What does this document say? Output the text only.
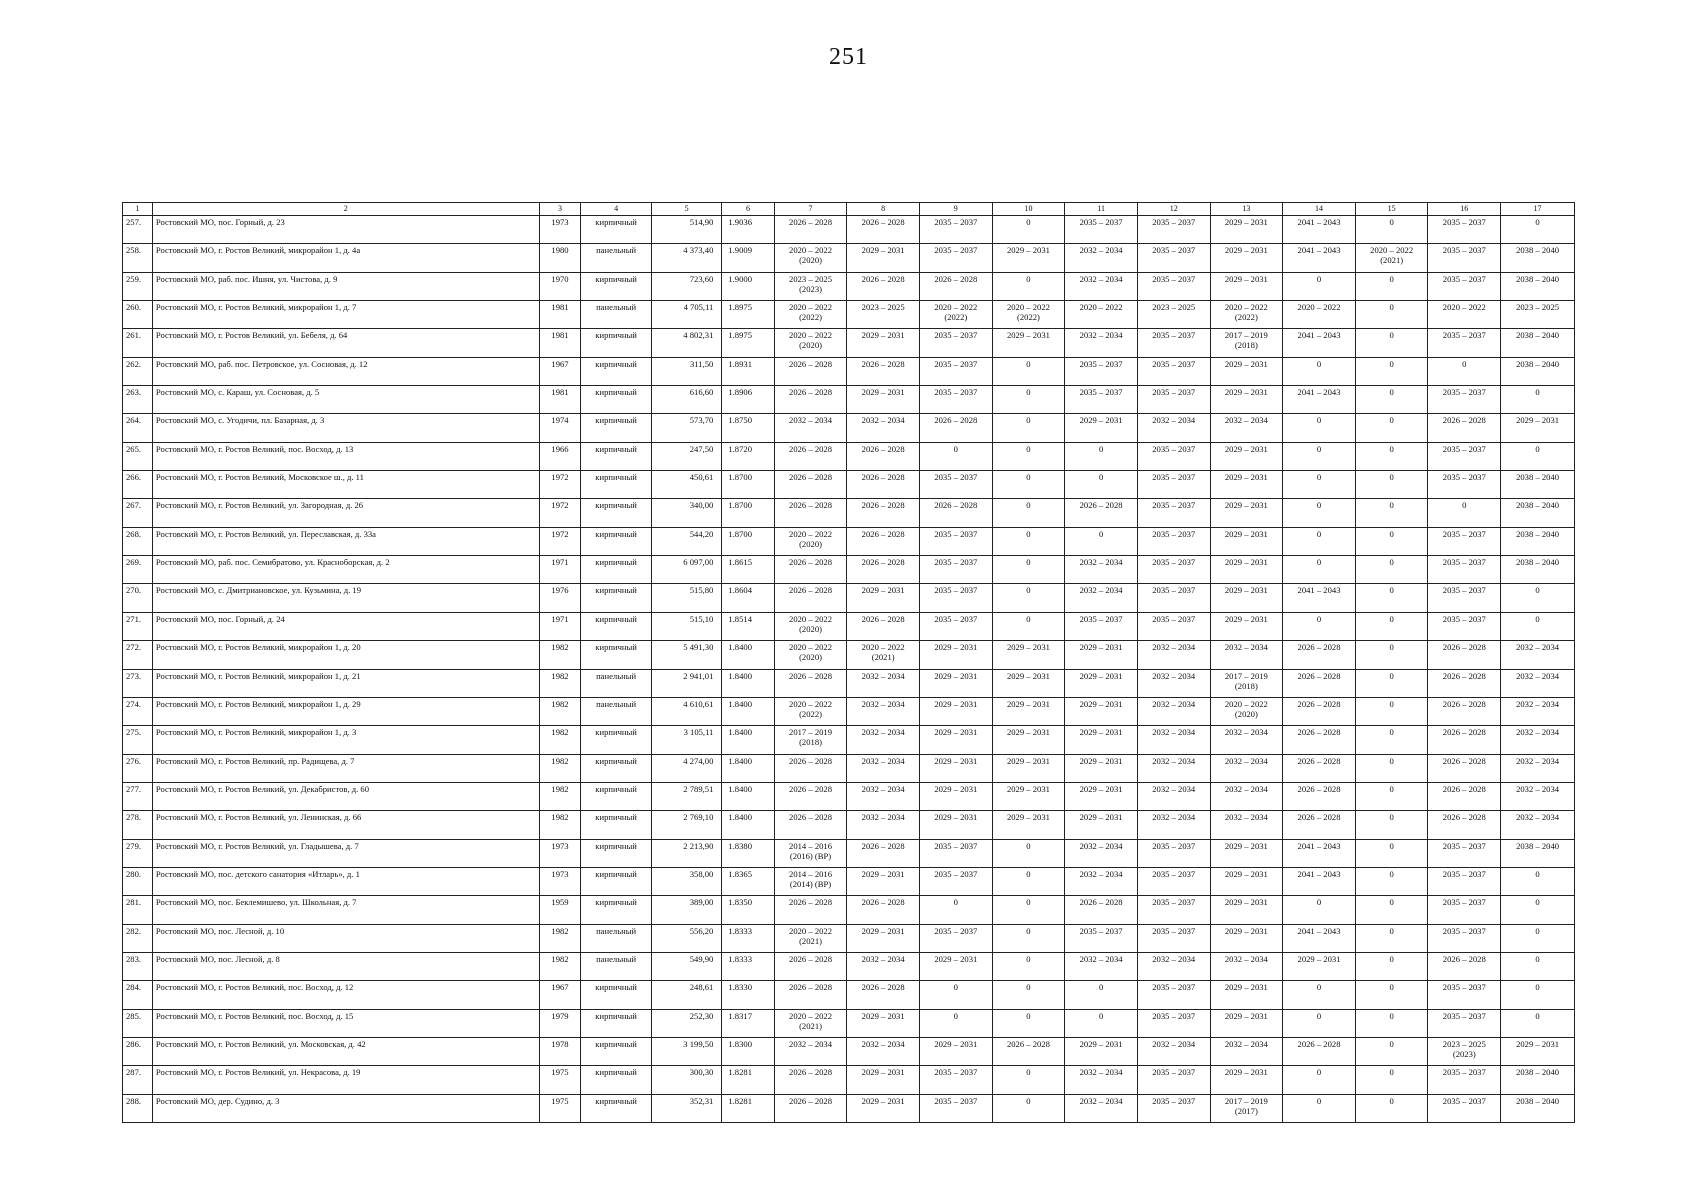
251
1	2	3	4	5	6	7	8	9	10	11	12	13	14	15	16	17
257.	Ростовский МО, пос. Горный, д. 23	1973	кирпичный	514,90	1.9036	2026 – 2028	2026 – 2028	2035 – 2037	0	2035 – 2037	2035 – 2037	2029 – 2031	2041 – 2043	0	2035 – 2037	0
258.	Ростовский МО, г. Ростов Великий, микрорайон 1, д. 4а	1980	панельный	4 373,40	1.9009	2020 – 2022 (2020)	2029 – 2031	2035 – 2037	2029 – 2031	2032 – 2034	2035 – 2037	2029 – 2031	2041 – 2043	2020 – 2022 (2021)	2035 – 2037	2038 – 2040
259.	Ростовский МО, раб. пос. Ишня, ул. Чистова, д. 9	1970	кирпичный	723,60	1.9000	2023 – 2025 (2023)	2026 – 2028	2026 – 2028	0	2032 – 2034	2035 – 2037	2029 – 2031	0	0	2035 – 2037	2038 – 2040
260.	Ростовский МО, г. Ростов Великий, микрорайон 1, д. 7	1981	панельный	4 705,11	1.8975	2020 – 2022 (2022)	2023 – 2025	2020 – 2022 (2022)	2020 – 2022 (2022)	2020 – 2022	2023 – 2025	2020 – 2022 (2022)	2020 – 2022	0	2020 – 2022	2023 – 2025
261.	Ростовский МО, г. Ростов Великий, ул. Бебеля, д. 64	1981	кирпичный	4 802,31	1.8975	2020 – 2022 (2020)	2029 – 2031	2035 – 2037	2029 – 2031	2032 – 2034	2035 – 2037	2017 – 2019 (2018)	2041 – 2043	0	2035 – 2037	2038 – 2040
262.	Ростовский МО, раб. пос. Петровское, ул. Сосновая, д. 12	1967	кирпичный	311,50	1.8931	2026 – 2028	2026 – 2028	2035 – 2037	0	2035 – 2037	2035 – 2037	2029 – 2031	0	0	0	2038 – 2040
263.	Ростовский МО, с. Караш, ул. Сосновая, д. 5	1981	кирпичный	616,60	1.8906	2026 – 2028	2029 – 2031	2035 – 2037	0	2035 – 2037	2035 – 2037	2029 – 2031	2041 – 2043	0	2035 – 2037	0
264.	Ростовский МО, с. Угодичи, пл. Базарная, д. 3	1974	кирпичный	573,70	1.8750	2032 – 2034	2032 – 2034	2026 – 2028	0	2029 – 2031	2032 – 2034	2032 – 2034	0	0	2026 – 2028	2029 – 2031
265.	Ростовский МО, г. Ростов Великий, пос. Восход, д. 13	1966	кирпичный	247,50	1.8720	2026 – 2028	2026 – 2028	0	0	0	2035 – 2037	2029 – 2031	0	0	2035 – 2037	0
266.	Ростовский МО, г. Ростов Великий, Московское ш., д. 11	1972	кирпичный	450,61	1.8700	2026 – 2028	2026 – 2028	2035 – 2037	0	0	2035 – 2037	2029 – 2031	0	0	2035 – 2037	2038 – 2040
267.	Ростовский МО, г. Ростов Великий, ул. Загородная, д. 26	1972	кирпичный	340,00	1.8700	2026 – 2028	2026 – 2028	2026 – 2028	0	2026 – 2028	2035 – 2037	2029 – 2031	0	0	0	2038 – 2040
268.	Ростовский МО, г. Ростов Великий, ул. Переславская, д. 33а	1972	кирпичный	544,20	1.8700	2020 – 2022 (2020)	2026 – 2028	2035 – 2037	0	0	2035 – 2037	2029 – 2031	0	0	2035 – 2037	2038 – 2040
269.	Ростовский МО, раб. пос. Семибратово, ул. Красноборская, д. 2	1971	кирпичный	6 097,00	1.8615	2026 – 2028	2026 – 2028	2035 – 2037	0	2032 – 2034	2035 – 2037	2029 – 2031	0	0	2035 – 2037	2038 – 2040
270.	Ростовский МО, с. Дмитриановское, ул. Кузьмина, д. 19	1976	кирпичный	515,80	1.8604	2026 – 2028	2029 – 2031	2035 – 2037	0	2032 – 2034	2035 – 2037	2029 – 2031	2041 – 2043	0	2035 – 2037	0
271.	Ростовский МО, пос. Горный, д. 24	1971	кирпичный	515,10	1.8514	2020 – 2022 (2020)	2026 – 2028	2035 – 2037	0	2035 – 2037	2035 – 2037	2029 – 2031	0	0	2035 – 2037	0
272.	Ростовский МО, г. Ростов Великий, микрорайон 1, д. 20	1982	кирпичный	5 491,30	1.8400	2020 – 2022 (2020)	2020 – 2022 (2021)	2029 – 2031	2029 – 2031	2029 – 2031	2032 – 2034	2032 – 2034	2026 – 2028	0	2026 – 2028	2032 – 2034
273.	Ростовский МО, г. Ростов Великий, микрорайон 1, д. 21	1982	панельный	2 941,01	1.8400	2026 – 2028	2032 – 2034	2029 – 2031	2029 – 2031	2029 – 2031	2032 – 2034	2017 – 2019 (2018)	2026 – 2028	0	2026 – 2028	2032 – 2034
274.	Ростовский МО, г. Ростов Великий, микрорайон 1, д. 29	1982	панельный	4 610,61	1.8400	2020 – 2022 (2022)	2032 – 2034	2029 – 2031	2029 – 2031	2029 – 2031	2032 – 2034	2020 – 2022 (2020)	2026 – 2028	0	2026 – 2028	2032 – 2034
275.	Ростовский МО, г. Ростов Великий, микрорайон 1, д. 3	1982	кирпичный	3 105,11	1.8400	2017 – 2019 (2018)	2032 – 2034	2029 – 2031	2029 – 2031	2029 – 2031	2032 – 2034	2032 – 2034	2026 – 2028	0	2026 – 2028	2032 – 2034
276.	Ростовский МО, г. Ростов Великий, пр. Радищева, д. 7	1982	кирпичный	4 274,00	1.8400	2026 – 2028	2032 – 2034	2029 – 2031	2029 – 2031	2029 – 2031	2032 – 2034	2032 – 2034	2026 – 2028	0	2026 – 2028	2032 – 2034
277.	Ростовский МО, г. Ростов Великий, ул. Декабристов, д. 60	1982	кирпичный	2 789,51	1.8400	2026 – 2028	2032 – 2034	2029 – 2031	2029 – 2031	2029 – 2031	2032 – 2034	2032 – 2034	2026 – 2028	0	2026 – 2028	2032 – 2034
278.	Ростовский МО, г. Ростов Великий, ул. Ленинская, д. 66	1982	кирпичный	2 769,10	1.8400	2026 – 2028	2032 – 2034	2029 – 2031	2029 – 2031	2029 – 2031	2032 – 2034	2032 – 2034	2026 – 2028	0	2026 – 2028	2032 – 2034
279.	Ростовский МО, г. Ростов Великий, ул. Гладышева, д. 7	1973	кирпичный	2 213,90	1.8380	2014 – 2016 (2016) (ВР)	2026 – 2028	2035 – 2037	0	2032 – 2034	2035 – 2037	2029 – 2031	2041 – 2043	0	2035 – 2037	2038 – 2040
280.	Ростовский МО, пос. детского санатория «Итларь», д. 1	1973	кирпичный	358,00	1.8365	2014 – 2016 (2014) (ВР)	2029 – 2031	2035 – 2037	0	2032 – 2034	2035 – 2037	2029 – 2031	2041 – 2043	0	2035 – 2037	0
281.	Ростовский МО, пос. Беклемишево, ул. Школьная, д. 7	1959	кирпичный	389,00	1.8350	2026 – 2028	2026 – 2028	0	0	2026 – 2028	2035 – 2037	2029 – 2031	0	0	2035 – 2037	0
282.	Ростовский МО, пос. Лесной, д. 10	1982	панельный	556,20	1.8333	2020 – 2022 (2021)	2029 – 2031	2035 – 2037	0	2035 – 2037	2035 – 2037	2029 – 2031	2041 – 2043	0	2035 – 2037	0
283.	Ростовский МО, пос. Лесной, д. 8	1982	панельный	549,90	1.8333	2026 – 2028	2032 – 2034	2029 – 2031	0	2032 – 2034	2032 – 2034	2032 – 2034	2029 – 2031	0	2026 – 2028	0
284.	Ростовский МО, г. Ростов Великий, пос. Восход, д. 12	1967	кирпичный	248,61	1.8330	2026 – 2028	2026 – 2028	0	0	0	2035 – 2037	2029 – 2031	0	0	2035 – 2037	0
285.	Ростовский МО, г. Ростов Великий, пос. Восход, д. 15	1979	кирпичный	252,30	1.8317	2020 – 2022 (2021)	2029 – 2031	0	0	0	2035 – 2037	2029 – 2031	0	0	2035 – 2037	0
286.	Ростовский МО, г. Ростов Великий, ул. Московская, д. 42	1978	кирпичный	3 199,50	1.8300	2032 – 2034	2032 – 2034	2029 – 2031	2026 – 2028	2029 – 2031	2032 – 2034	2032 – 2034	2026 – 2028	0	2023 – 2025 (2023)	2029 – 2031
287.	Ростовский МО, г. Ростов Великий, ул. Некрасова, д. 19	1975	кирпичный	300,30	1.8281	2026 – 2028	2029 – 2031	2035 – 2037	0	2032 – 2034	2035 – 2037	2029 – 2031	0	0	2035 – 2037	2038 – 2040
288.	Ростовский МО, дер. Судино, д. 3	1975	кирпичный	352,31	1.8281	2026 – 2028	2029 – 2031	2035 – 2037	0	2032 – 2034	2035 – 2037	2017 – 2019 (2017)	0	0	2035 – 2037	2038 – 2040
